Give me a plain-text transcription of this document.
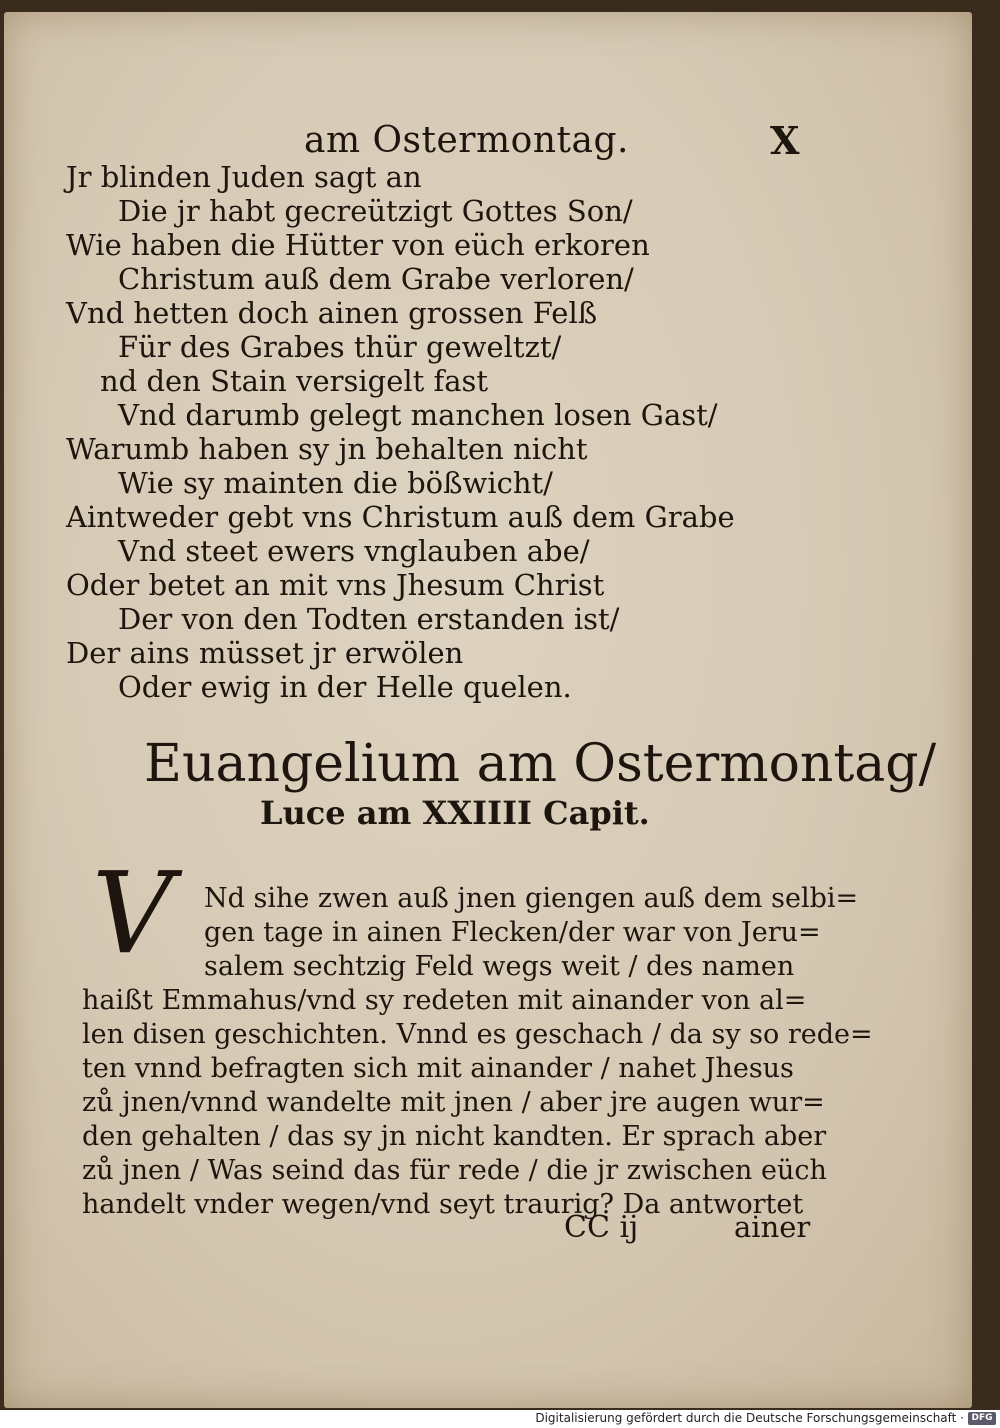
am Ostermontag.	X
Jr blinden Juden sagt an
Die jr habt gecreützigt Gottes Son/
Wie haben die Hütter von eüch erkoren
Christum auß dem Grabe verloren/
Vnd hetten doch ainen grossen Felß
Für des Grabes thür geweltzt/
nd den Stain versigelt fast
Vnd darumb gelegt manchen losen Gast/
Warumb haben sy jn behalten nicht
Wie sy mainten die bößwicht/
Aintweder gebt vns Christum auß dem Grabe
Vnd steet ewers vnglauben abe/
Oder betet an mit vns Jhesum Christ
Der von den Todten erstanden ist/
Der ains müsset jr erwölen
Oder ewig in der Helle quelen.
Euangelium am Ostermontag/
Luce am XXIIII Capit.
V	Nd sihe zwen auß jnen giengen auß dem selbi=
gen tage in ainen Flecken/der war von Jeru=
salem sechtzig Feld wegs weit / des namen
haißt Emmahus/vnd sy redeten mit ainander von al=
len disen geschichten. Vnnd es geschach / da sy so rede=
ten vnnd befragten sich mit ainander / nahet Jhesus
zů jnen/vnnd wandelte mit jnen / aber jre augen wur=
den gehalten / das sy jn nicht kandten. Er sprach aber
zů jnen / Was seind das für rede / die jr zwischen eüch
handelt vnder wegen/vnd seyt traurig? Da antwortet
CC ij	ainer
Digitalisierung gefördert durch die Deutsche Forschungsgemeinschaft · DFG
